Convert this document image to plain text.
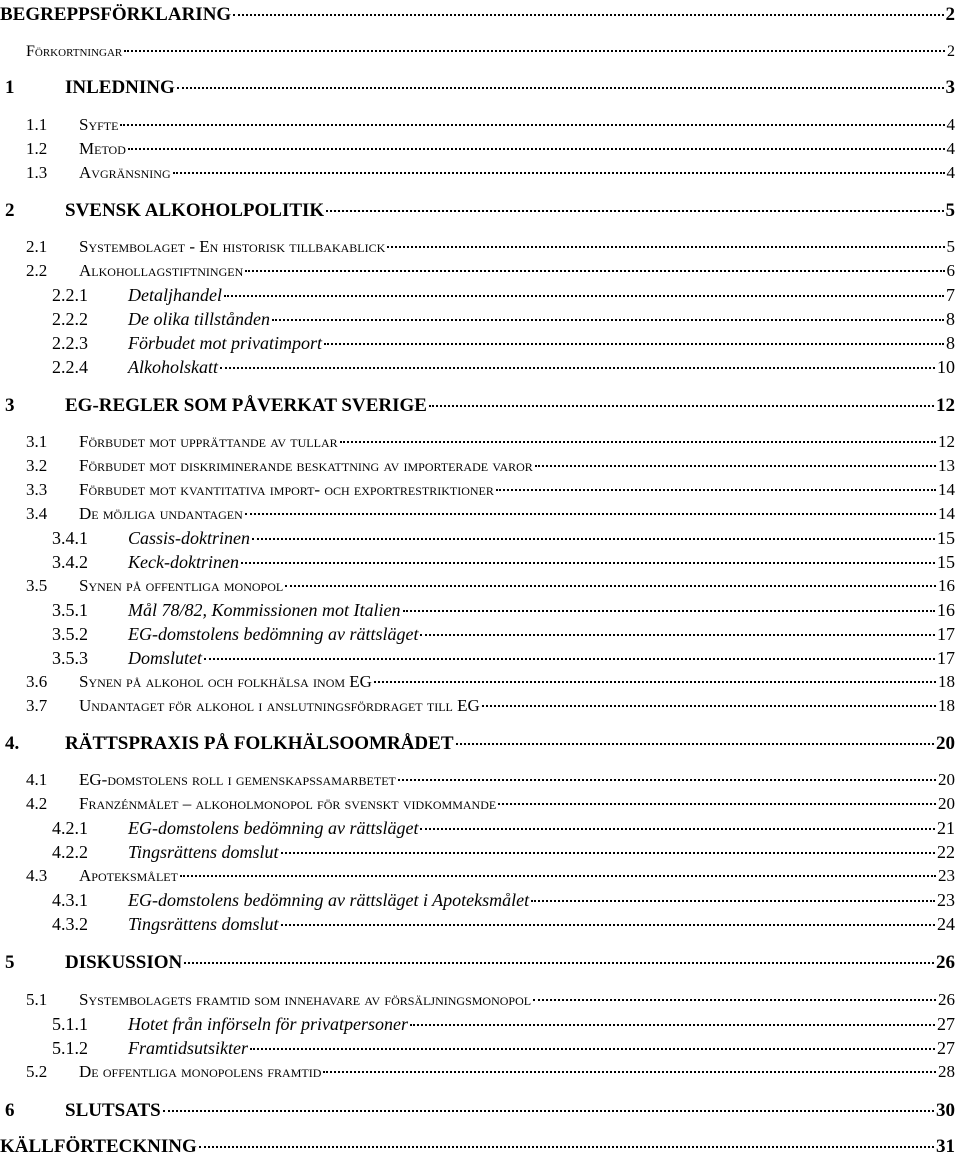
BEGREPPSFÖRKLARING	2
Förkortningar	2
1	INLEDNING	3
1.1	Syfte	4
1.2	Metod	4
1.3	Avgränsning	4
2	SVENSK ALKOHOLPOLITIK	5
2.1	Systembolaget - En historisk tillbakablick	5
2.2	Alkohollagstiftningen	6
2.2.1	Detaljhandel	7
2.2.2	De olika tillstånden	8
2.2.3	Förbudet mot privatimport	8
2.2.4	Alkoholskatt	10
3	EG-REGLER SOM PÅVERKAT SVERIGE	12
3.1	Förbudet mot upprättande av tullar	12
3.2	Förbudet mot diskriminerande beskattning av importerade varor	13
3.3	Förbudet mot kvantitativa import- och exportrestriktioner	14
3.4	De möjliga undantagen	14
3.4.1	Cassis-doktrinen	15
3.4.2	Keck-doktrinen	15
3.5	Synen på offentliga monopol	16
3.5.1	Mål 78/82, Kommissionen mot Italien	16
3.5.2	EG-domstolens bedömning av rättsläget	17
3.5.3	Domslutet	17
3.6	Synen på alkohol och folkhälsa inom EG	18
3.7	Undantaget för alkohol i anslutningsfördraget till EG	18
4.	RÄTTSPRAXIS PÅ FOLKHÄLSOOMRÅDET	20
4.1	EG-domstolens roll i gemenskapssamarbetet	20
4.2	Franzénmålet – alkoholmonopol för svenskt vidkommande	20
4.2.1	EG-domstolens bedömning av rättsläget	21
4.2.2	Tingsrättens domslut	22
4.3	Apoteksmålet	23
4.3.1	EG-domstolens bedömning av rättsläget i Apoteksmålet	23
4.3.2	Tingsrättens domslut	24
5	DISKUSSION	26
5.1	Systembolagets framtid som innehavare av försäljningsmonopol	26
5.1.1	Hotet från införseln för privatpersoner	27
5.1.2	Framtidsutsikter	27
5.2	De offentliga monopolens framtid	28
6	SLUTSATS	30
KÄLLFÖRTECKNING	31
